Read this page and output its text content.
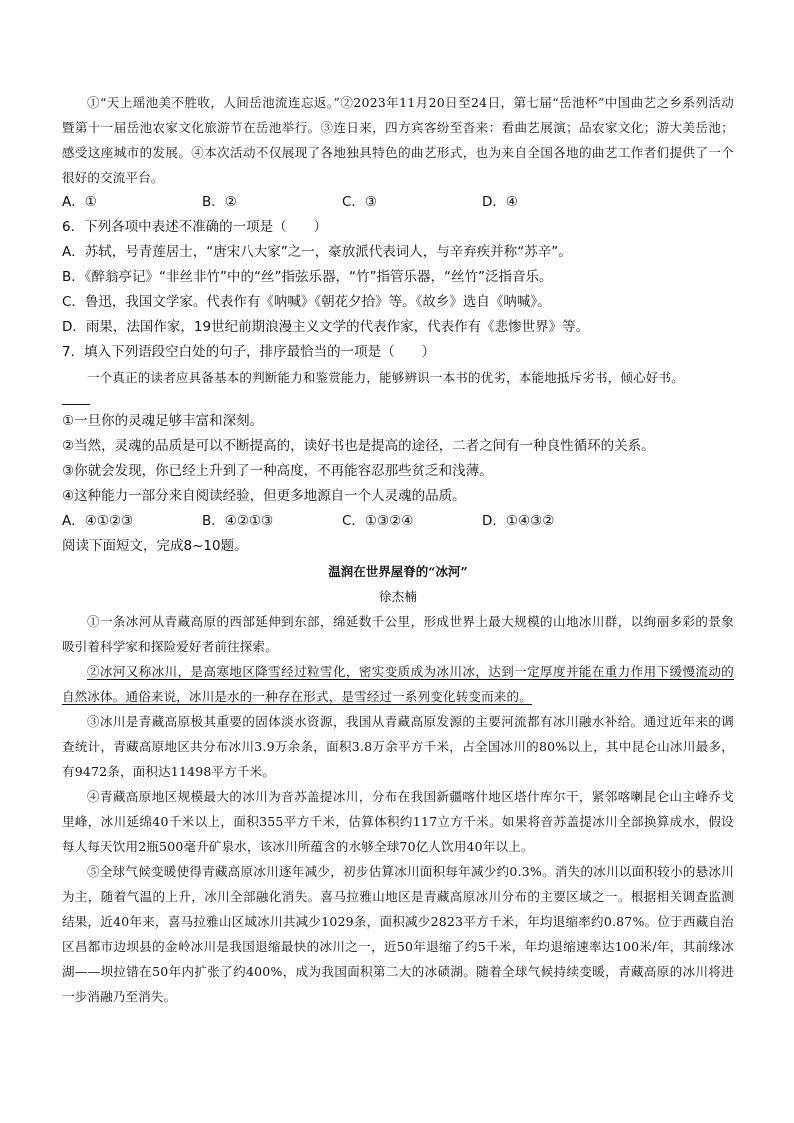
①“天上瑶池美不胜收，人间岳池流连忘返。”②2023年11月20日至24日，第七届“岳池杯”中国曲艺之乡系列活动暨第十一届岳池农家文化旅游节在岳池举行。③连日来，四方宾客纷至沓来：看曲艺展演；品农家文化；游大美岳池；感受这座城市的发展。④本次活动不仅展现了各地独具特色的曲艺形式，也为来自全国各地的曲艺工作者们提供了一个很好的交流平台。

A．①	B．②	C．③	D．④

6．下列各项中表述不准确的一项是（　　）

A．苏轼，号青莲居士，“唐宋八大家”之一，豪放派代表词人，与辛弃疾并称“苏辛”。

B．《醉翁亭记》“非丝非竹”中的“丝”指弦乐器，“竹”指管乐器，“丝竹”泛指音乐。

C．鲁迅，我国文学家。代表作有《呐喊》《朝花夕拾》等。《故乡》选自《呐喊》。

D．雨果，法国作家，19世纪前期浪漫主义文学的代表作家，代表作有《悲惨世界》等。

7．填入下列语段空白处的句子，排序最恰当的一项是（　　）

一个真正的读者应具备基本的判断能力和鉴赏能力，能够辨识一本书的优劣，本能地抵斥劣书，倾心好书。

①一旦你的灵魂足够丰富和深刻。

②当然，灵魂的品质是可以不断提高的，读好书也是提高的途径，二者之间有一种良性循环的关系。

③你就会发现，你已经上升到了一种高度，不再能容忍那些贫乏和浅薄。

④这种能力一部分来自阅读经验，但更多地源自一个人灵魂的品质。

A．④①②③	B．④②①③	C．①③②④	D．①④③②

阅读下面短文，完成8~10题。

温润在世界屋脊的“冰河”

徐杰楠

①一条冰河从青藏高原的西部延伸到东部，绵延数千公里，形成世界上最大规模的山地冰川群，以绚丽多彩的景象吸引着科学家和探险爱好者前往探索。

②冰河又称冰川，是高寒地区降雪经过粒雪化，密实变质成为冰川冰，达到一定厚度并能在重力作用下缓慢流动的自然冰体。通俗来说，冰川是水的一种存在形式，是雪经过一系列变化转变而来的。

③冰川是青藏高原极其重要的固体淡水资源，我国从青藏高原发源的主要河流都有冰川融水补给。通过近年来的调查统计，青藏高原地区共分布冰川3.9万余条，面积3.8万余平方千米，占全国冰川的80%以上，其中昆仑山冰川最多，有9472条，面积达11498平方千米。

④青藏高原地区规模最大的冰川为音苏盖提冰川，分布在我国新疆喀什地区塔什库尔干，紧邻喀喇昆仑山主峰乔戈里峰，冰川延绵40千米以上，面积355平方千米，估算体积约117立方千米。如果将音苏盖提冰川全部换算成水，假设每人每天饮用2瓶500毫升矿泉水，该冰川所蕴含的水够全球70亿人饮用40年以上。

⑤全球气候变暖使得青藏高原冰川逐年减少，初步估算冰川面积每年减少约0.3%。消失的冰川以面积较小的悬冰川为主，随着气温的上升，冰川全部融化消失。喜马拉雅山地区是青藏高原冰川分布的主要区域之一。根据相关调查监测结果，近40年来，喜马拉雅山区域冰川共减少1029条，面积减少2823平方千米，年均退缩率约0.87%。位于西藏自治区昌都市边坝县的金岭冰川是我国退缩最快的冰川之一，近50年退缩了约5千米，年均退缩速率达100米/年，其前缘冰湖——坝拉错在50年内扩张了约400%，成为我国面积第二大的冰碛湖。随着全球气候持续变暖，青藏高原的冰川将进一步消融乃至消失。
